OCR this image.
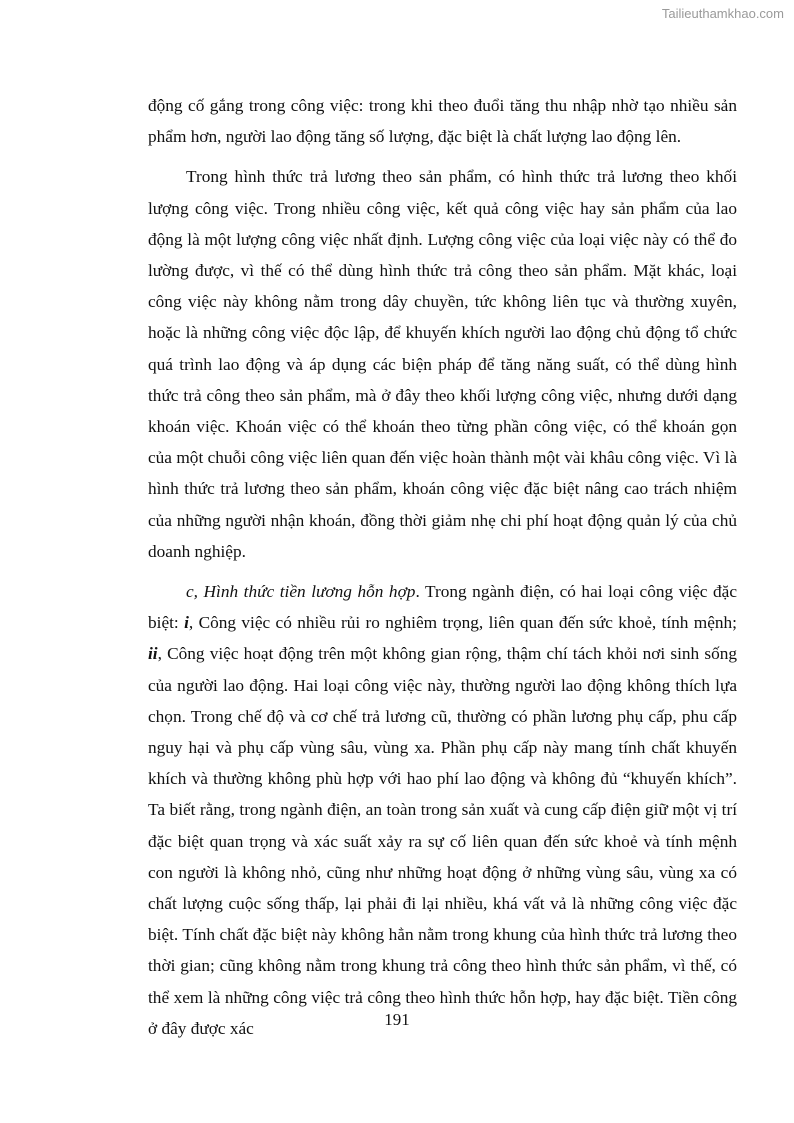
Tailieuthamkhao.com

động cố gắng trong công việc: trong khi theo đuổi tăng thu nhập nhờ tạo nhiều sản phẩm hơn, người lao động tăng số lượng, đặc biệt là chất lượng lao động lên.

Trong hình thức trả lương theo sản phẩm, có hình thức trả lương theo khối lượng công việc. Trong nhiều công việc, kết quả công việc hay sản phẩm của lao động là một lượng công việc nhất định. Lượng công việc của loại việc này có thể đo lường được, vì thế có thể dùng hình thức trả công theo sản phẩm. Mặt khác, loại công việc này không nằm trong dây chuyền, tức không liên tục và thường xuyên, hoặc là những công việc độc lập, để khuyến khích người lao động chủ động tổ chức quá trình lao động và áp dụng các biện pháp để tăng năng suất, có thể dùng hình thức trả công theo sản phẩm, mà ở đây theo khối lượng công việc, nhưng dưới dạng khoán việc. Khoán việc có thể khoán theo từng phần công việc, có thể khoán gọn của một chuỗi công việc liên quan đến việc hoàn thành một vài khâu công việc. Vì là hình thức trả lương theo sản phẩm, khoán công việc đặc biệt nâng cao trách nhiệm của những người nhận khoán, đồng thời giảm nhẹ chi phí hoạt động quản lý của chủ doanh nghiệp.

c, Hình thức tiền lương hỗn hợp. Trong ngành điện, có hai loại công việc đặc biệt: i, Công việc có nhiều rủi ro nghiêm trọng, liên quan đến sức khoẻ, tính mệnh; ii, Công việc hoạt động trên một không gian rộng, thậm chí tách khỏi nơi sinh sống của người lao động. Hai loại công việc này, thường người lao động không thích lựa chọn. Trong chế độ và cơ chế trả lương cũ, thường có phần lương phụ cấp, phu cấp nguy hại và phụ cấp vùng sâu, vùng xa. Phần phụ cấp này mang tính chất khuyến khích và thường không phù hợp với hao phí lao động và không đủ “khuyến khích”. Ta biết rằng, trong ngành điện, an toàn trong sản xuất và cung cấp điện giữ một vị trí đặc biệt quan trọng và xác suất xảy ra sự cố liên quan đến sức khoẻ và tính mệnh con người là không nhỏ, cũng như những hoạt động ở những vùng sâu, vùng xa có chất lượng cuộc sống thấp, lại phải đi lại nhiều, khá vất vả là những công việc đặc biệt. Tính chất đặc biệt này không hẳn nằm trong khung của hình thức trả lương theo thời gian; cũng không nằm trong khung trả công theo hình thức sản phẩm, vì thế, có thể xem là những công việc trả công theo hình thức hỗn hợp, hay đặc biệt. Tiền công ở đây được xác	191
